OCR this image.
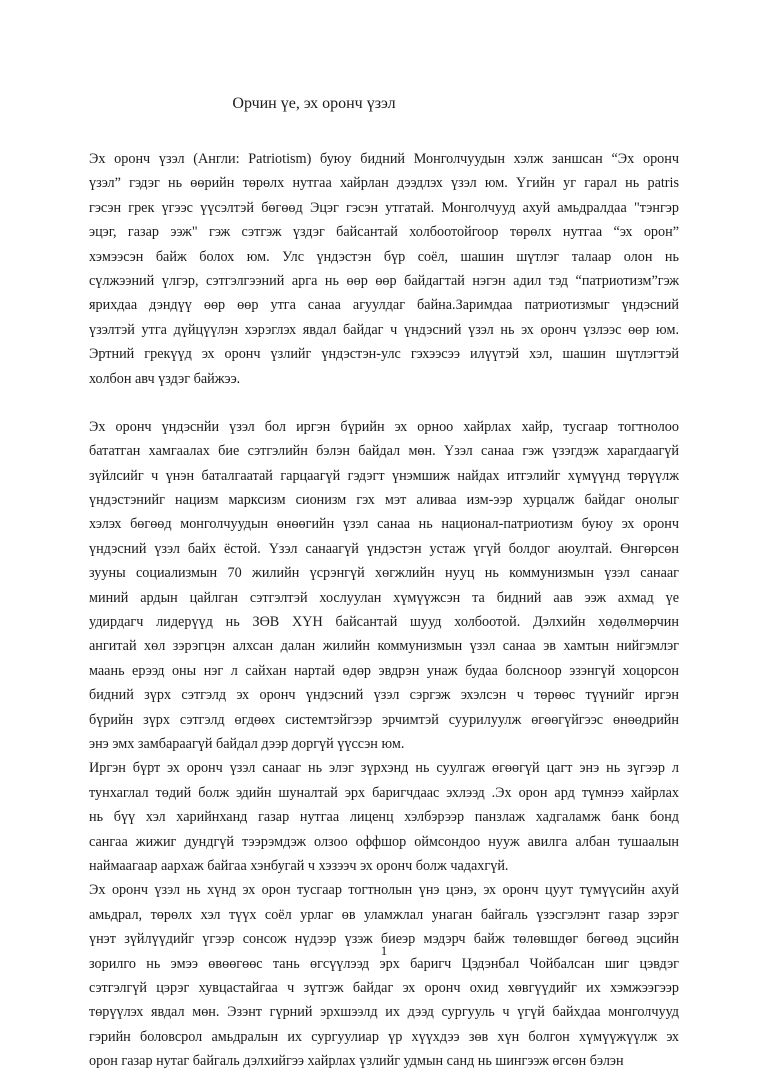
Орчин үе, эх оронч үзэл
Эх оронч үзэл (Англи: Patriotism) буюу бидний Монголчуудын хэлж заншсан “Эх оронч
үзэл” гэдэг нь өөрийн төрөлх нутгаа хайрлан дээдлэх үзэл юм. Үгийн уг гарал нь patris
гэсэн грек үгээс үүсэлтэй бөгөөд Эцэг гэсэн утгатай. Монголчууд ахуй амьдралдаа "тэнгэр
эцэг, газар ээж" гэж сэтгэж үздэг байсантай холбоотойгоор төрөлх нутгаа “эх орон”
хэмээсэн байж болох юм. Улс үндэстэн бүр соёл, шашин шүтлэг талаар олон нь
сүлжээний үлгэр, сэтгэлгээний арга нь өөр өөр байдагтай нэгэн адил тэд “патриотизм”гэж
ярихдаа дэндүү өөр өөр утга санаа агуулдаг байна.Заримдаа патриотизмыг үндэсний
үзэлтэй утга дүйцүүлэн хэрэглэх явдал байдаг ч үндэсний үзэл нь эх оронч үзлээс өөр юм.
Эртний грекүүд эх оронч үзлийг үндэстэн-улс гэхээсээ илүүтэй хэл, шашин шүтлэгтэй
холбон авч үздэг байжээ.
Эх оронч үндэснйи үзэл бол иргэн бүрийн эх орноо хайрлах хайр, тусгаар тогтнолоо
бататган хамгаалах бие сэтгэлийн бэлэн байдал мөн. Үзэл санаа гэж үзэгдэж харагдаагүй
зүйлсийг ч үнэн баталгаатай гарцаагүй гэдэгт үнэмшиж найдах итгэлийг хүмүүнд төрүүлж
үндэстэнийг нацизм марксизм сионизм гэх мэт аливаа изм-ээр хурцалж байдаг онолыг
хэлэх бөгөөд монголчуудын өнөөгийн үзэл санаа нь национал-патриотизм буюу эх оронч
үндэсний үзэл байх ёстой. Үзэл санаагүй үндэстэн устаж үгүй болдог аюултай. Өнгөрсөн
зууны социализмын 70 жилийн үсрэнгүй хөгжлийн нууц нь коммунизмын үзэл санааг
миний ардын цайлган сэтгэлтэй хослуулан хүмүүжсэн та бидний аав ээж ахмад үе
удирдагч лидерүүд нь ЗӨВ ХҮН байсантай шууд холбоотой. Дэлхийн хөдөлмөрчин
ангитай хөл зэрэгцэн алхсан далан жилийн коммунизмын үзэл санаа эв хамтын нийгэмлэг
маань ерээд оны нэг л сайхан нартай өдөр эвдрэн унаж будаа болсноор эзэнгүй хоцорсон
бидний зүрх сэтгэлд эх оронч үндэсний үзэл сэргэж эхэлсэн ч төрөөс түүнийг иргэн
бүрийн зүрх сэтгэлд өгдөөх системтэйгээр эрчимтэй суурилуулж өгөөгүйгээс өнөөдрийн
энэ эмх замбараагүй байдал дээр доргүй үүссэн юм.
Иргэн бүрт эх оронч үзэл санааг нь элэг зүрхэнд нь суулгаж өгөөгүй цагт энэ нь зүгээр л
тунхаглал төдий болж эдийн шуналтай эрх баригчдаас эхлээд .Эх орон ард түмнээ хайрлах
нь бүү хэл харийнханд газар нутгаа лиценц хэлбэрээр панзлаж хадгаламж банк бонд
сангаа жижиг дундгүй тээрэмдэж олзоо оффшор оймсондоо нууж авилга албан тушаалын
наймаагаар аархаж байгаа хэнбугай ч хэзээч эх оронч болж чадахгүй.
Эх оронч үзэл нь хүнд эх орон тусгаар тогтнолын үнэ цэнэ, эх оронч цуут түмүүсийн ахуй
амьдрал, төрөлх хэл түүх соёл урлаг өв уламжлал унаган байгаль үзэсгэлэнт газар зэрэг
үнэт зүйлүүдийг үгээр сонсож нүдээр үзэж биеэр мэдэрч байж төлөвшдөг бөгөөд эцсийн
зорилго нь эмээ өвөөгөөс тань өгсүүлээд эрх баригч Цэдэнбал Чойбалсан шиг цэвдэг
сэтгэлгүй цэрэг хувцастайгаа ч зүтгэж байдаг эх оронч охид хөвгүүдийг их хэмжээгээр
төрүүлэх явдал мөн. Эзэнт гүрний эрхшээлд их дээд сургууль ч үгүй байхдаа монголчууд
гэрийн боловсрол амьдралын их сургуулиар үр хүүхдээ зөв хүн болгон хүмүүжүүлж эх
орон газар нутаг байгаль дэлхийгээ хайрлах үзлийг удмын санд нь шингээж өгсөн бэлэн
1
